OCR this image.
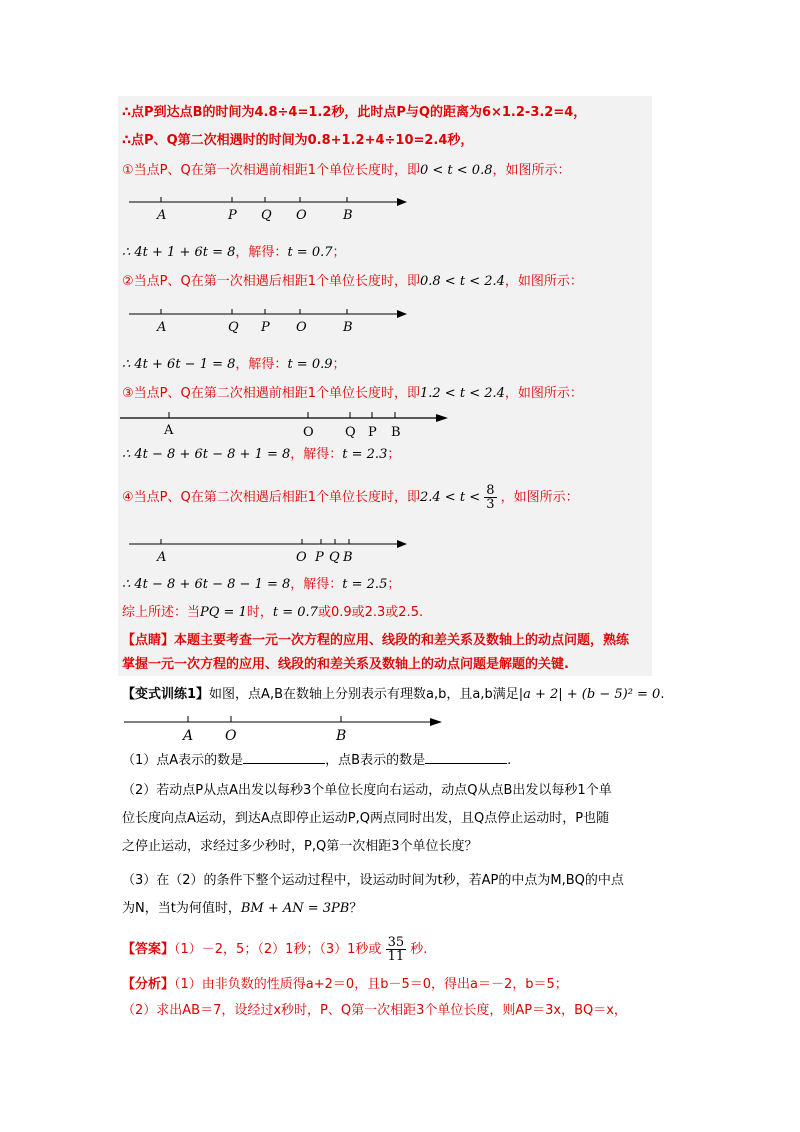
∴点P到达点B的时间为4.8÷4=1.2秒，此时点P与Q的距离为6×1.2-3.2=4，
∴点P、Q第二次相遇时的时间为0.8+1.2+4÷10=2.4秒，
①当点P、Q在第一次相遇前相距1个单位长度时，即0 < t < 0.8，如图所示：
A	P Q O	B
∴ 4t + 1 + 6t = 8，解得：t = 0.7；
②当点P、Q在第一次相遇后相距1个单位长度时，即0.8 < t < 2.4，如图所示：
A	Q P O	B
∴ 4t + 6t − 1 = 8，解得：t = 0.9；
③当点P、Q在第二次相遇前相距1个单位长度时，即1.2 < t < 2.4，如图所示：
A	O Q P B
∴ 4t − 8 + 6t − 8 + 1 = 8，解得：t = 2.3；
④当点P、Q在第二次相遇后相距1个单位长度时，即$2.4 < t < \frac{8}{3}$ ，如图所示：
A	O P Q B
∴ 4t − 8 + 6t − 8 − 1 = 8，解得：t = 2.5；
综上所述：当PQ = 1时，t = 0.7或0.9或2.3或2.5.
【点睛】本题主要考查一元一次方程的应用、线段的和差关系及数轴上的动点问题，熟练
掌握一元一次方程的应用、线段的和差关系及数轴上的动点问题是解题的关键.
【变式训练1】如图，点A,B在数轴上分别表示有理数a,b，且a,b满足|a + 2| + (b − 5)² = 0.
A O	B
（1）点A表示的数是	，点B表示的数是	.
（2）若动点P从点A出发以每秒3个单位长度向右运动，动点Q从点B出发以每秒1个单
位长度向点A运动，到达A点即停止运动P,Q两点同时出发，且Q点停止运动时，P也随
之停止运动，求经过多少秒时，P,Q第一次相距3个单位长度？
（3）在（2）的条件下整个运动过程中，设运动时间为t秒，若AP的中点为M,BQ的中点
为N，当t为何值时，BM + AN = 3PB？
【答案】（1）－2，5；（2）1秒；（3）1秒或 $\frac{35}{11}$ 秒.
【分析】（1）由非负数的性质得a+2＝0，且b－5＝0，得出a＝－2，b＝5；
（2）求出AB＝7，设经过x秒时，P、Q第一次相距3个单位长度，则AP＝3x，BQ＝x，
